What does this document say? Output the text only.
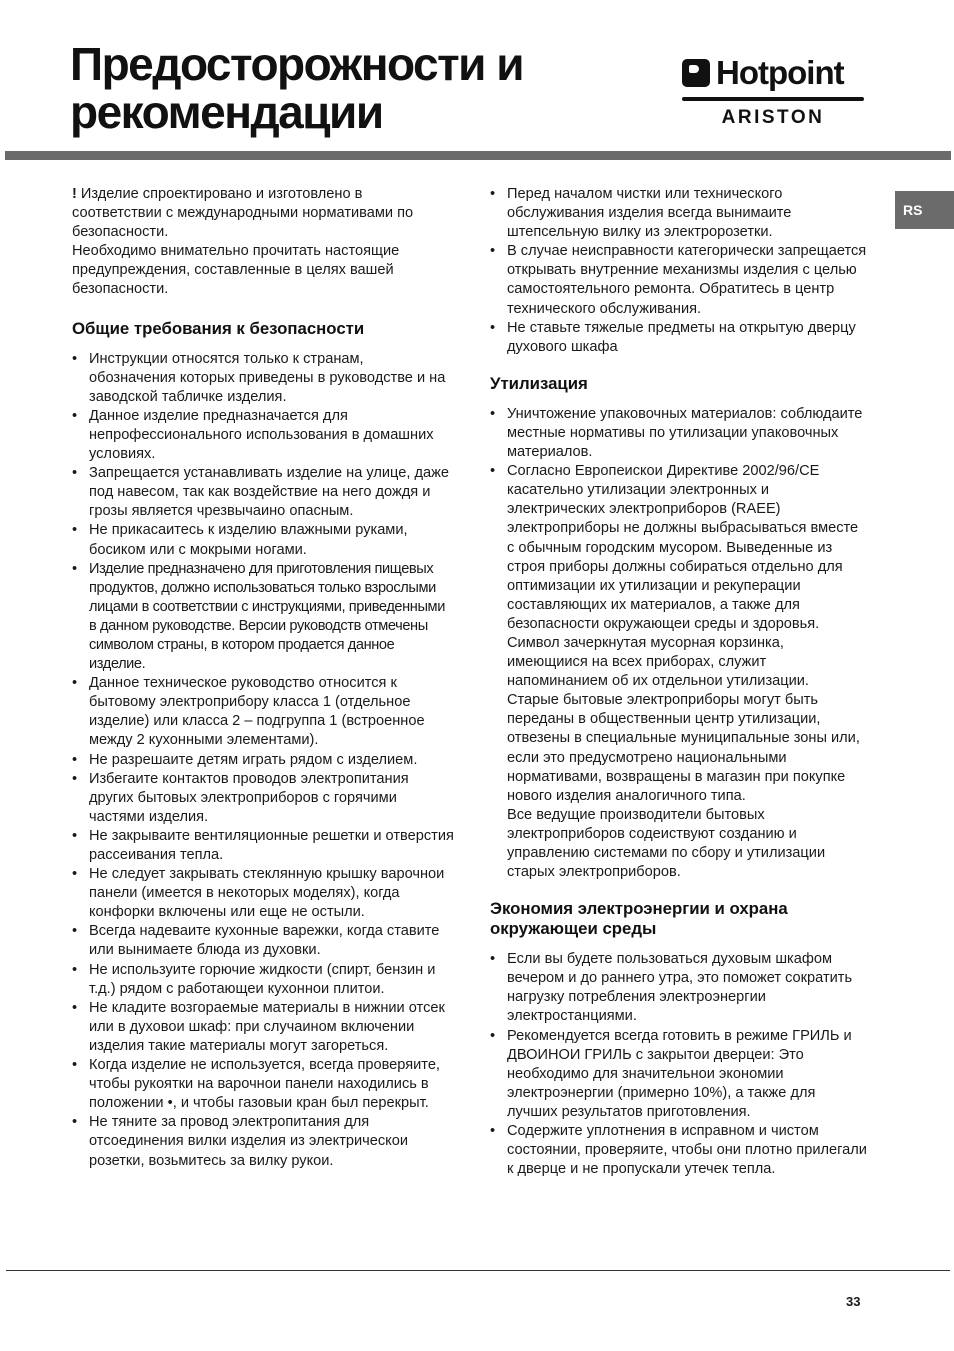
Предосторожности и
рекомендации
Hotpoint
ARISTON
RS

! Изделие спроектировано и изготовлено в соответствии с международными нормативами по безопасности.

Необходимо внимательно прочитать настоящие предупреждения, составленные в целях вашей безопасности.

Общие требования к безопасности
• Инструкции относятся только к странам, обозначения которых приведены в руководстве и на заводской табличке изделия.
• Данное изделие предназначается для непрофессионального использования в домашних условиях.
• Запрещается устанавливать изделие на улице, даже под навесом, так как воздействие на него дождя и грозы является чрезвычаино опасным.
• Не прикасаитесь к изделию влажными руками, босиком или с мокрыми ногами.
• Изделие предназначено для приготовления пищевых продуктов, должно использоваться только взрослыми лицами в соответствии с инструкциями, приведенными в данном руководстве. Версии руководств отмечены символом страны, в котором продается данное изделие.
• Данное техническое руководство относится к бытовому электроприбору класса 1 (отдельное изделие) или класса 2 – подгруппа 1 (встроенное между 2 кухонными элементами).
• Не разрешаите детям играть рядом с изделием.
• Избегаите контактов проводов электропитания других бытовых электроприборов с горячими частями изделия.
• Не закрываите вентиляционные решетки и отверстия рассеивания тепла.
• Не следует закрывать стеклянную крышку варочнои панели (имеется в некоторых моделях), когда конфорки включены или еще не остыли.
• Всегда надеваите кухонные варежки, когда ставите или вынимаете блюда из духовки.
• Не используите горючие жидкости (спирт, бензин и т.д.) рядом с работающеи кухоннои плитои.
• Не кладите возгораемые материалы в нижнии отсек или в духовои шкаф: при случаином включении изделия такие материалы могут загореться.
• Когда изделие не используется, всегда проверяите, чтобы рукоятки на варочнои панели находились в положении •, и чтобы газовыи кран был перекрыт.
• Не тяните за провод электропитания для отсоединения вилки изделия из электрическои розетки, возьмитесь за вилку рукои.
• Перед началом чистки или технического обслуживания изделия всегда вынимаите штепсельную вилку из электророзетки.
• В случае неисправности категорически запрещается открывать внутренние механизмы изделия с целью самостоятельного ремонта. Обратитесь в центр технического обслуживания.
• Не ставьте тяжелые предметы на открытую дверцу духового шкафа
Утилизация
• Уничтожение упаковочных материалов: соблюдаите местные нормативы по утилизации упаковочных материалов.
• Согласно Европеискои Директиве 2002/96/CE касательно утилизации электронных и электрических электроприборов (RAEE) электроприборы не должны выбрасываться вместе с обычным городским мусором. Выведенные из строя приборы должны собираться отдельно для оптимизации их утилизации и рекуперации составляющих их материалов, а также для безопасности окружающеи среды и здоровья. Символ зачеркнутая мусорная корзинка, имеющиися на всех приборах, служит напоминанием об их отдельнои утилизации.
Старые бытовые электроприборы могут быть переданы в общественныи центр утилизации, отвезены в специальные муниципальные зоны или, если это предусмотрено национальными нормативами, возвращены в магазин при покупке нового изделия аналогичного типа.
Все ведущие производители бытовых электроприборов содеиствуют созданию и управлению системами по сбору и утилизации старых электроприборов.
Экономия электроэнергии и охрана
окружающеи среды
• Если вы будете пользоваться духовым шкафом вечером и до раннего утра, это поможет сократить нагрузку потребления электроэнергии электростанциями.
• Рекомендуется всегда готовить в режиме ГРИЛЬ и ДВОИНОИ ГРИЛЬ с закрытои дверцеи: Это необходимо для значительнои экономии электроэнергии (примерно 10%), а также для лучших результатов приготовления.
• Содержите уплотнения в исправном и чистом состоянии, проверяите, чтобы они плотно прилегали к дверце и не пропускали утечек тепла.
33
